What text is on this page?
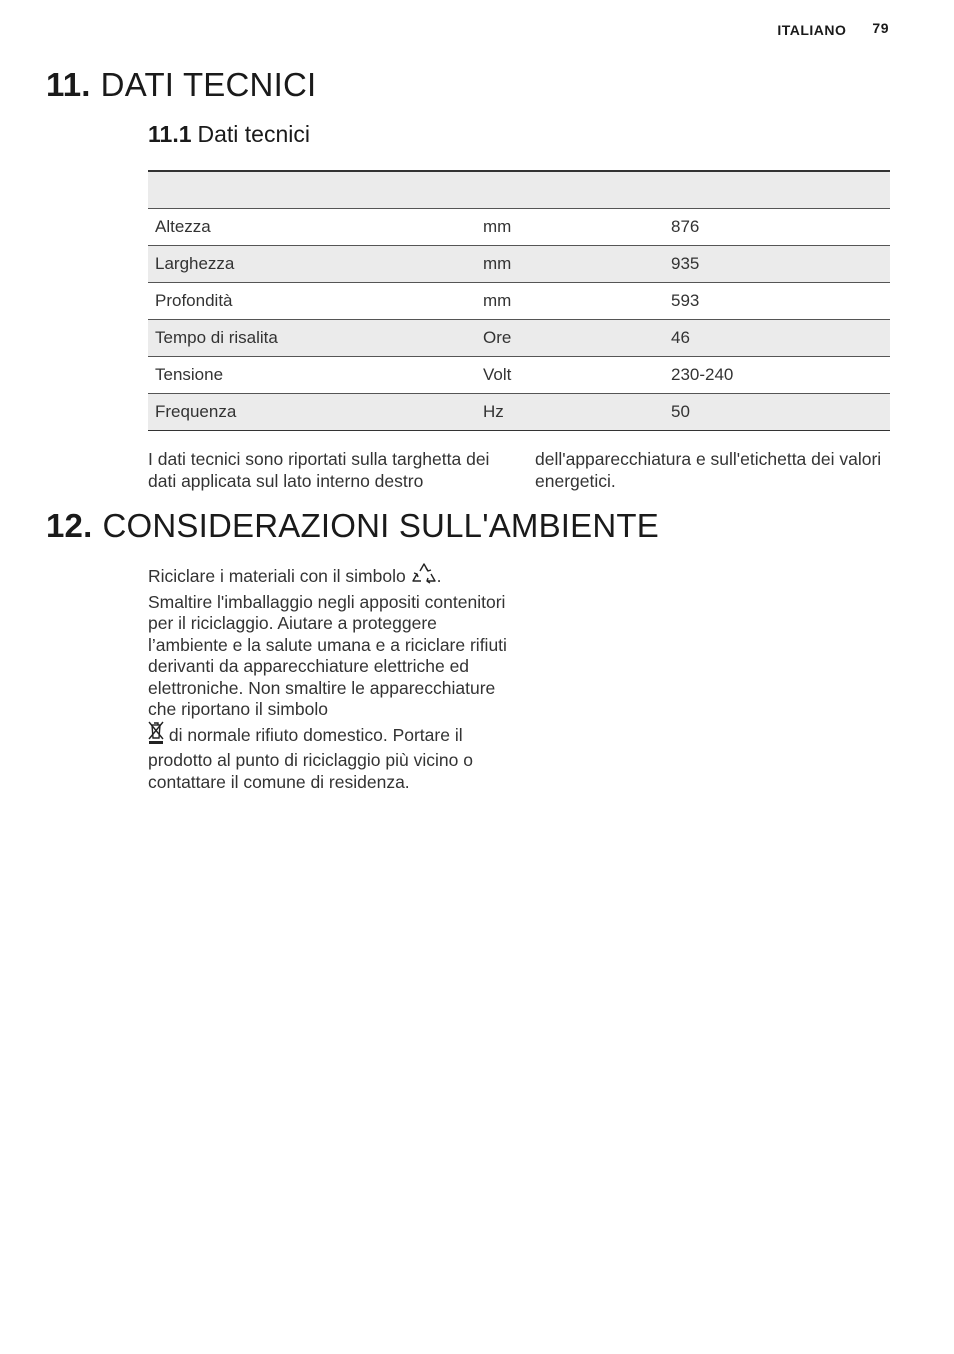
ITALIANO 79
11. DATI TECNICI
11.1 Dati tecnici

Altezza	mm	876
Larghezza	mm	935
Profondità	mm	593
Tempo di risalita	Ore	46
Tensione	Volt	230-240
Frequenza	Hz	50
I dati tecnici sono riportati sulla targhetta dei dati applicata sul lato interno destro
dell'apparecchiatura e sull'etichetta dei valori energetici.
12. CONSIDERAZIONI SULL'AMBIENTE
Riciclare i materiali con il simbolo . Smaltire l'imballaggio negli appositi contenitori per il riciclaggio. Aiutare a proteggere l’ambiente e la salute umana e a riciclare rifiuti derivanti da apparecchiature elettriche ed elettroniche. Non smaltire le apparecchiature che riportano il simbolo
di normale rifiuto domestico. Portare il prodotto al punto di riciclaggio più vicino o contattare il comune di residenza.
